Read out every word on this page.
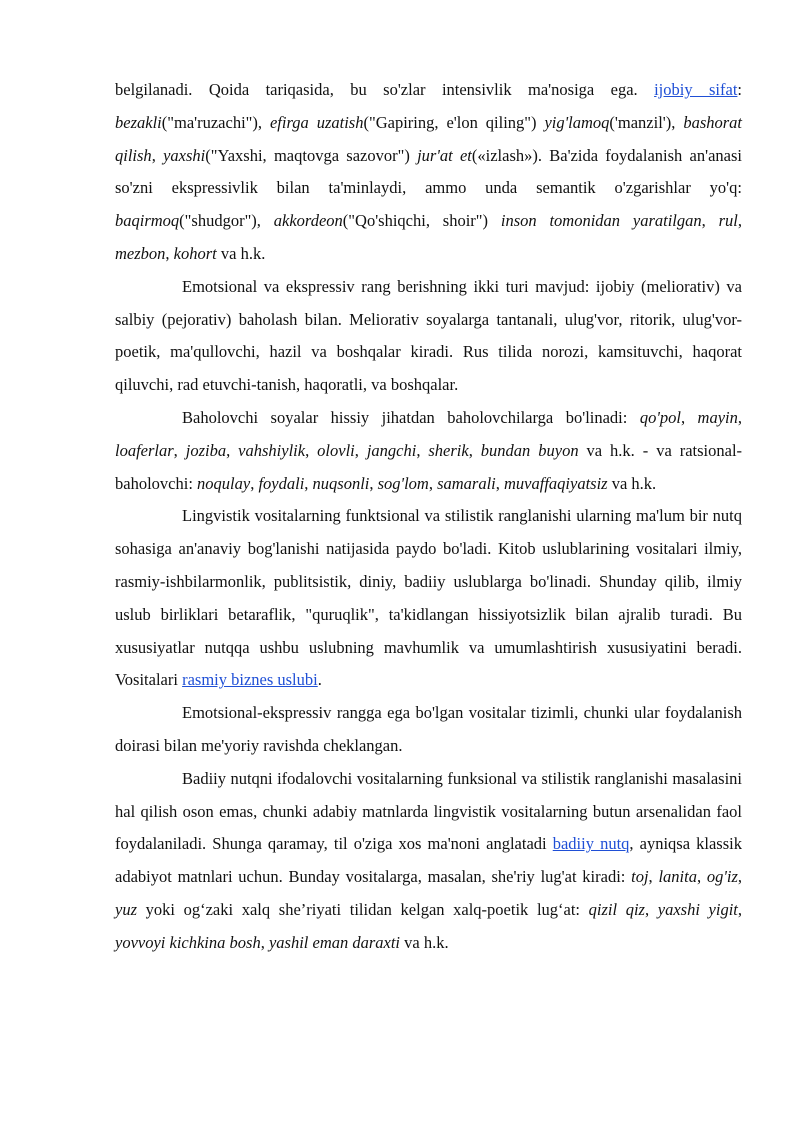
belgilanadi. Qoida tariqasida, bu so'zlar intensivlik ma'nosiga ega. ijobiy sifat: bezakli("ma'ruzachi"), efirga uzatish("Gapiring, e'lon qiling") yig'lamoq('manzil'), bashorat qilish, yaxshi("Yaxshi, maqtovga sazovor") jur'at et(«izlash»). Ba'zida foydalanish an'anasi so'zni ekspressivlik bilan ta'minlaydi, ammo unda semantik o'zgarishlar yo'q: baqirmoq("shudgor"), akkordeon("Qo'shiqchi, shoir") inson tomonidan yaratilgan, rul, mezbon, kohort va h.k.

Emotsional va ekspressiv rang berishning ikki turi mavjud: ijobiy (meliorativ) va salbiy (pejorativ) baholash bilan. Meliorativ soyalarga tantanali, ulug'vor, ritorik, ulug'vor-poetik, ma'qullovchi, hazil va boshqalar kiradi. Rus tilida norozi, kamsituvchi, haqorat qiluvchi, rad etuvchi-tanish, haqoratli, va boshqalar.

Baholovchi soyalar hissiy jihatdan baholovchilarga bo'linadi: qo'pol, mayin, loaferlar, joziba, vahshiylik, olovli, jangchi, sherik, bundan buyon va h.k. - va ratsional-baholovchi: noqulay, foydali, nuqsonli, sog'lom, samarali, muvaffaqiyatsiz va h.k.

Lingvistik vositalarning funktsional va stilistik ranglanishi ularning ma'lum bir nutq sohasiga an'anaviy bog'lanishi natijasida paydo bo'ladi. Kitob uslublarining vositalari ilmiy, rasmiy-ishbilarmonlik, publitsistik, diniy, badiiy uslublarga bo'linadi. Shunday qilib, ilmiy uslub birliklari betaraflik, "quruqlik", ta'kidlangan hissiyotsizlik bilan ajralib turadi. Bu xususiyatlar nutqqa ushbu uslubning mavhumlik va umumlashtirish xususiyatini beradi. Vositalari rasmiy biznes uslubi.

Emotsional-ekspressiv rangga ega bo'lgan vositalar tizimli, chunki ular foydalanish doirasi bilan me'yoriy ravishda cheklangan.

Badiiy nutqni ifodalovchi vositalarning funksional va stilistik ranglanishi masalasini hal qilish oson emas, chunki adabiy matnlarda lingvistik vositalarning butun arsenalidan faol foydalaniladi. Shunga qaramay, til o'ziga xos ma'noni anglatadi badiiy nutq, ayniqsa klassik adabiyot matnlari uchun. Bunday vositalarga, masalan, she'riy lug'at kiradi: toj, lanita, og'iz, yuz yoki og‘zaki xalq she’riyati tilidan kelgan xalq-poetik lug‘at: qizil qiz, yaxshi yigit, yovvoyi kichkina bosh, yashil eman daraxti va h.k.
